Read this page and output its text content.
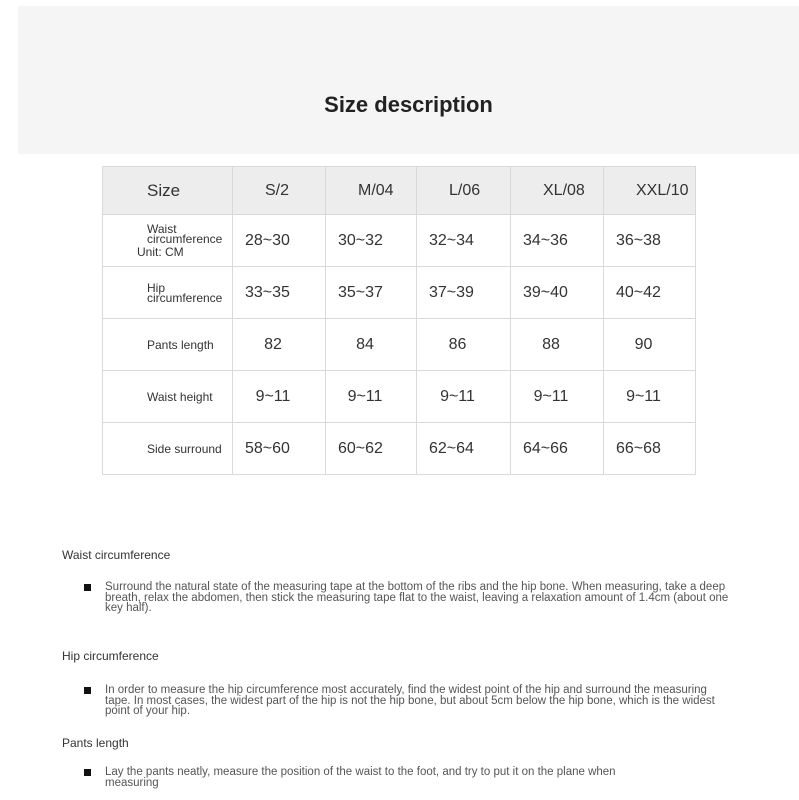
Size description
Size	S/2	M/04	L/06	XL/08	XXL/10
Waist circumference
Unit: CM	28~30	30~32	32~34	34~36	36~38
Hip circumference	33~35	35~37	37~39	39~40	40~42
Pants length	82	84	86	88	90
Waist height	9~11	9~11	9~11	9~11	9~11
Side surround	58~60	60~62	62~64	64~66	66~68
Waist circumference
Surround the natural state of the measuring tape at the bottom of the ribs and the hip bone. When measuring, take a deep breath, relax the abdomen, then stick the measuring tape flat to the waist, leaving a relaxation amount of 1.4cm (about one key half).
Hip circumference
In order to measure the hip circumference most accurately, find the widest point of the hip and surround the measuring tape. In most cases, the widest part of the hip is not the hip bone, but about 5cm below the hip bone, which is the widest point of your hip.
Pants length
Lay the pants neatly, measure the position of the waist to the foot, and try to put it on the plane when measuring
